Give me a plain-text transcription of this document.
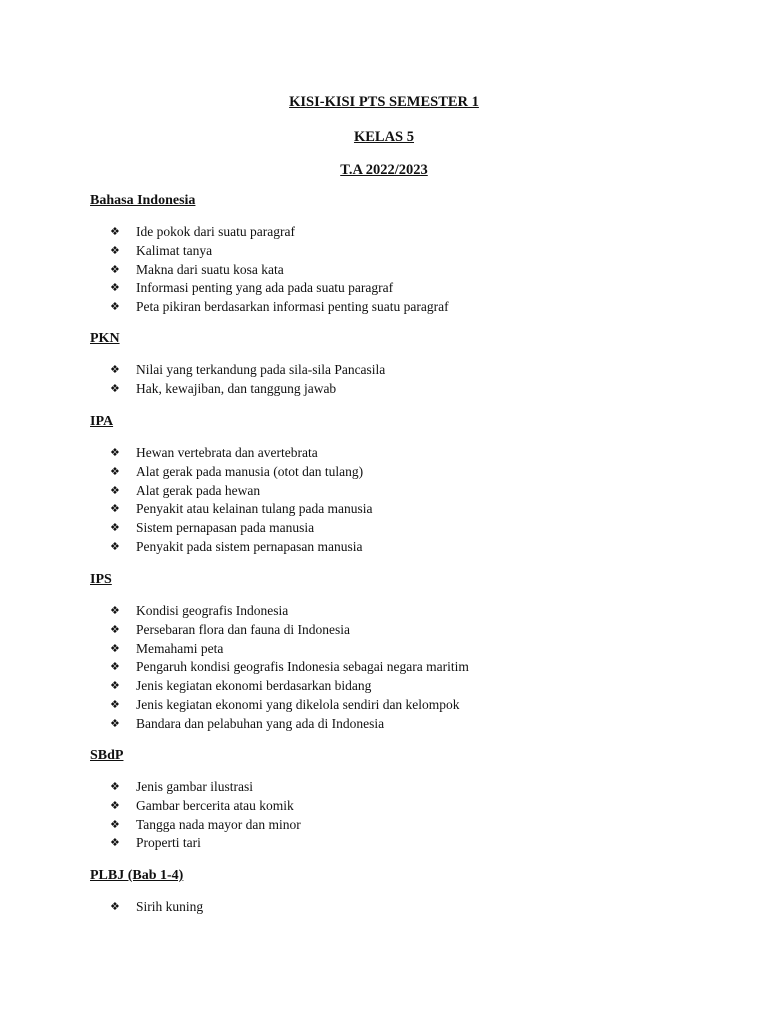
KISI-KISI PTS SEMESTER 1
KELAS 5
T.A 2022/2023
Bahasa Indonesia
❖	Ide pokok dari suatu paragraf
❖	Kalimat tanya
❖	Makna dari suatu kosa kata
❖	Informasi penting yang ada pada suatu paragraf
❖	Peta pikiran berdasarkan informasi penting suatu paragraf
PKN
❖	Nilai yang terkandung pada sila-sila Pancasila
❖	Hak, kewajiban, dan tanggung jawab
IPA
❖	Hewan vertebrata dan avertebrata
❖	Alat gerak pada manusia (otot dan tulang)
❖	Alat gerak pada hewan
❖	Penyakit atau kelainan tulang pada manusia
❖	Sistem pernapasan pada manusia
❖	Penyakit pada sistem pernapasan manusia
IPS
❖	Kondisi geografis Indonesia
❖	Persebaran flora dan fauna di Indonesia
❖	Memahami peta
❖	Pengaruh kondisi geografis Indonesia sebagai negara maritim
❖	Jenis kegiatan ekonomi berdasarkan bidang
❖	Jenis kegiatan ekonomi yang dikelola sendiri dan kelompok
❖	Bandara dan pelabuhan yang ada di Indonesia
SBdP
❖	Jenis gambar ilustrasi
❖	Gambar bercerita atau komik
❖	Tangga nada mayor dan minor
❖	Properti tari
PLBJ (Bab 1-4)
❖	Sirih kuning
